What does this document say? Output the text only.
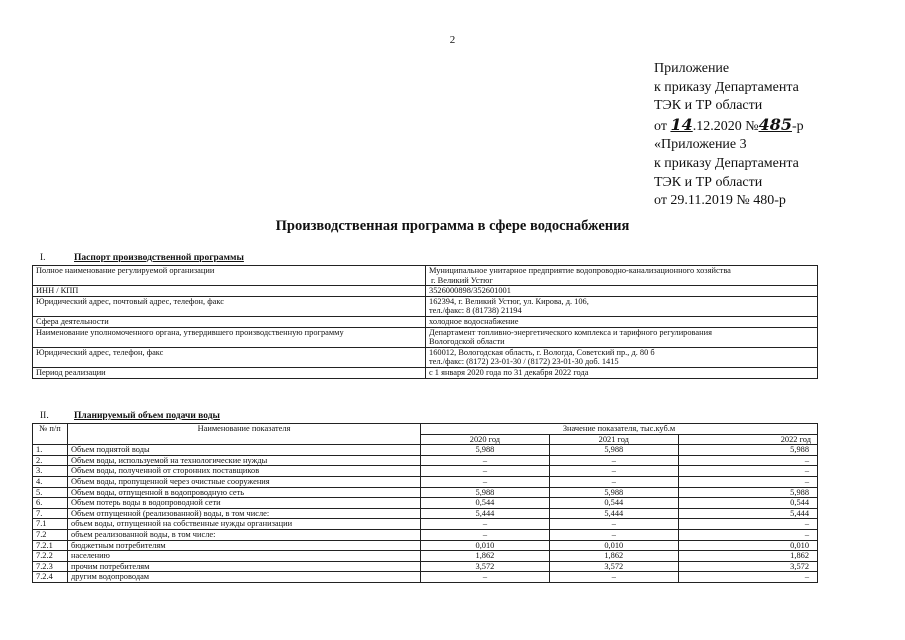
2
Приложение
к приказу Департамента
ТЭК и ТР области
от 14.12.2020 №485-р
«Приложение 3
к приказу Департамента
ТЭК и ТР области
от 29.11.2019 № 480-р
Производственная программа в сфере водоснабжения
I.	Паспорт производственной программы
Полное наименование регулируемой организации	Муниципальное унитарное предприятие водопроводно-канализационного хозяйства
г. Великий Устюг

ИНН / КПП	3526000898/352601001

Юридический адрес, почтовый адрес, телефон, факс	162394, г. Великий Устюг, ул. Кирова, д. 106,
тел./факс: 8 (81738) 21194

Сфера деятельности	холодное водоснабжение

Наименование уполномоченного органа, утвердившего производственную программу	Департамент топливно-энергетического комплекса и тарифного регулирования
Вологодской области

Юридический адрес, телефон, факс	160012, Вологодская область, г. Вологда, Советский пр., д. 80 б
тел./факс: (8172) 23-01-30 / (8172) 23-01-30 доб. 1415

Период реализации	с 1 января 2020 года по 31 декабря 2022 года
II.	Планируемый объем подачи воды
№ п/п	Наименование показателя	Значение показателя, тыс.куб.м		
		2020 год	2021 год	2022 год
1.	Объем поднятой воды	5,988	5,988	5,988
2.	Объем воды, используемой на технологические нужды	–	–	–
3.	Объем воды, полученной от сторонних поставщиков	–	–	–
4.	Объем воды, пропущенной через очистные сооружения	–	–	–
5.	Объем воды, отпущенной в водопроводную сеть	5,988	5,988	5,988
6.	Объем потерь воды в водопроводной сети	0,544	0,544	0,544
7.	Объем отпущенной (реализованной) воды, в том числе:	5,444	5,444	5,444
7.1	объем воды, отпущенной на собственные нужды организации	–	–	–
7.2	объем реализованной воды, в том числе:	–	–	–
7.2.1	бюджетным потребителям	0,010	0,010	0,010
7.2.2	населению	1,862	1,862	1,862
7.2.3	прочим потребителям	3,572	3,572	3,572
7.2.4	другим водопроводам	–	–	–
